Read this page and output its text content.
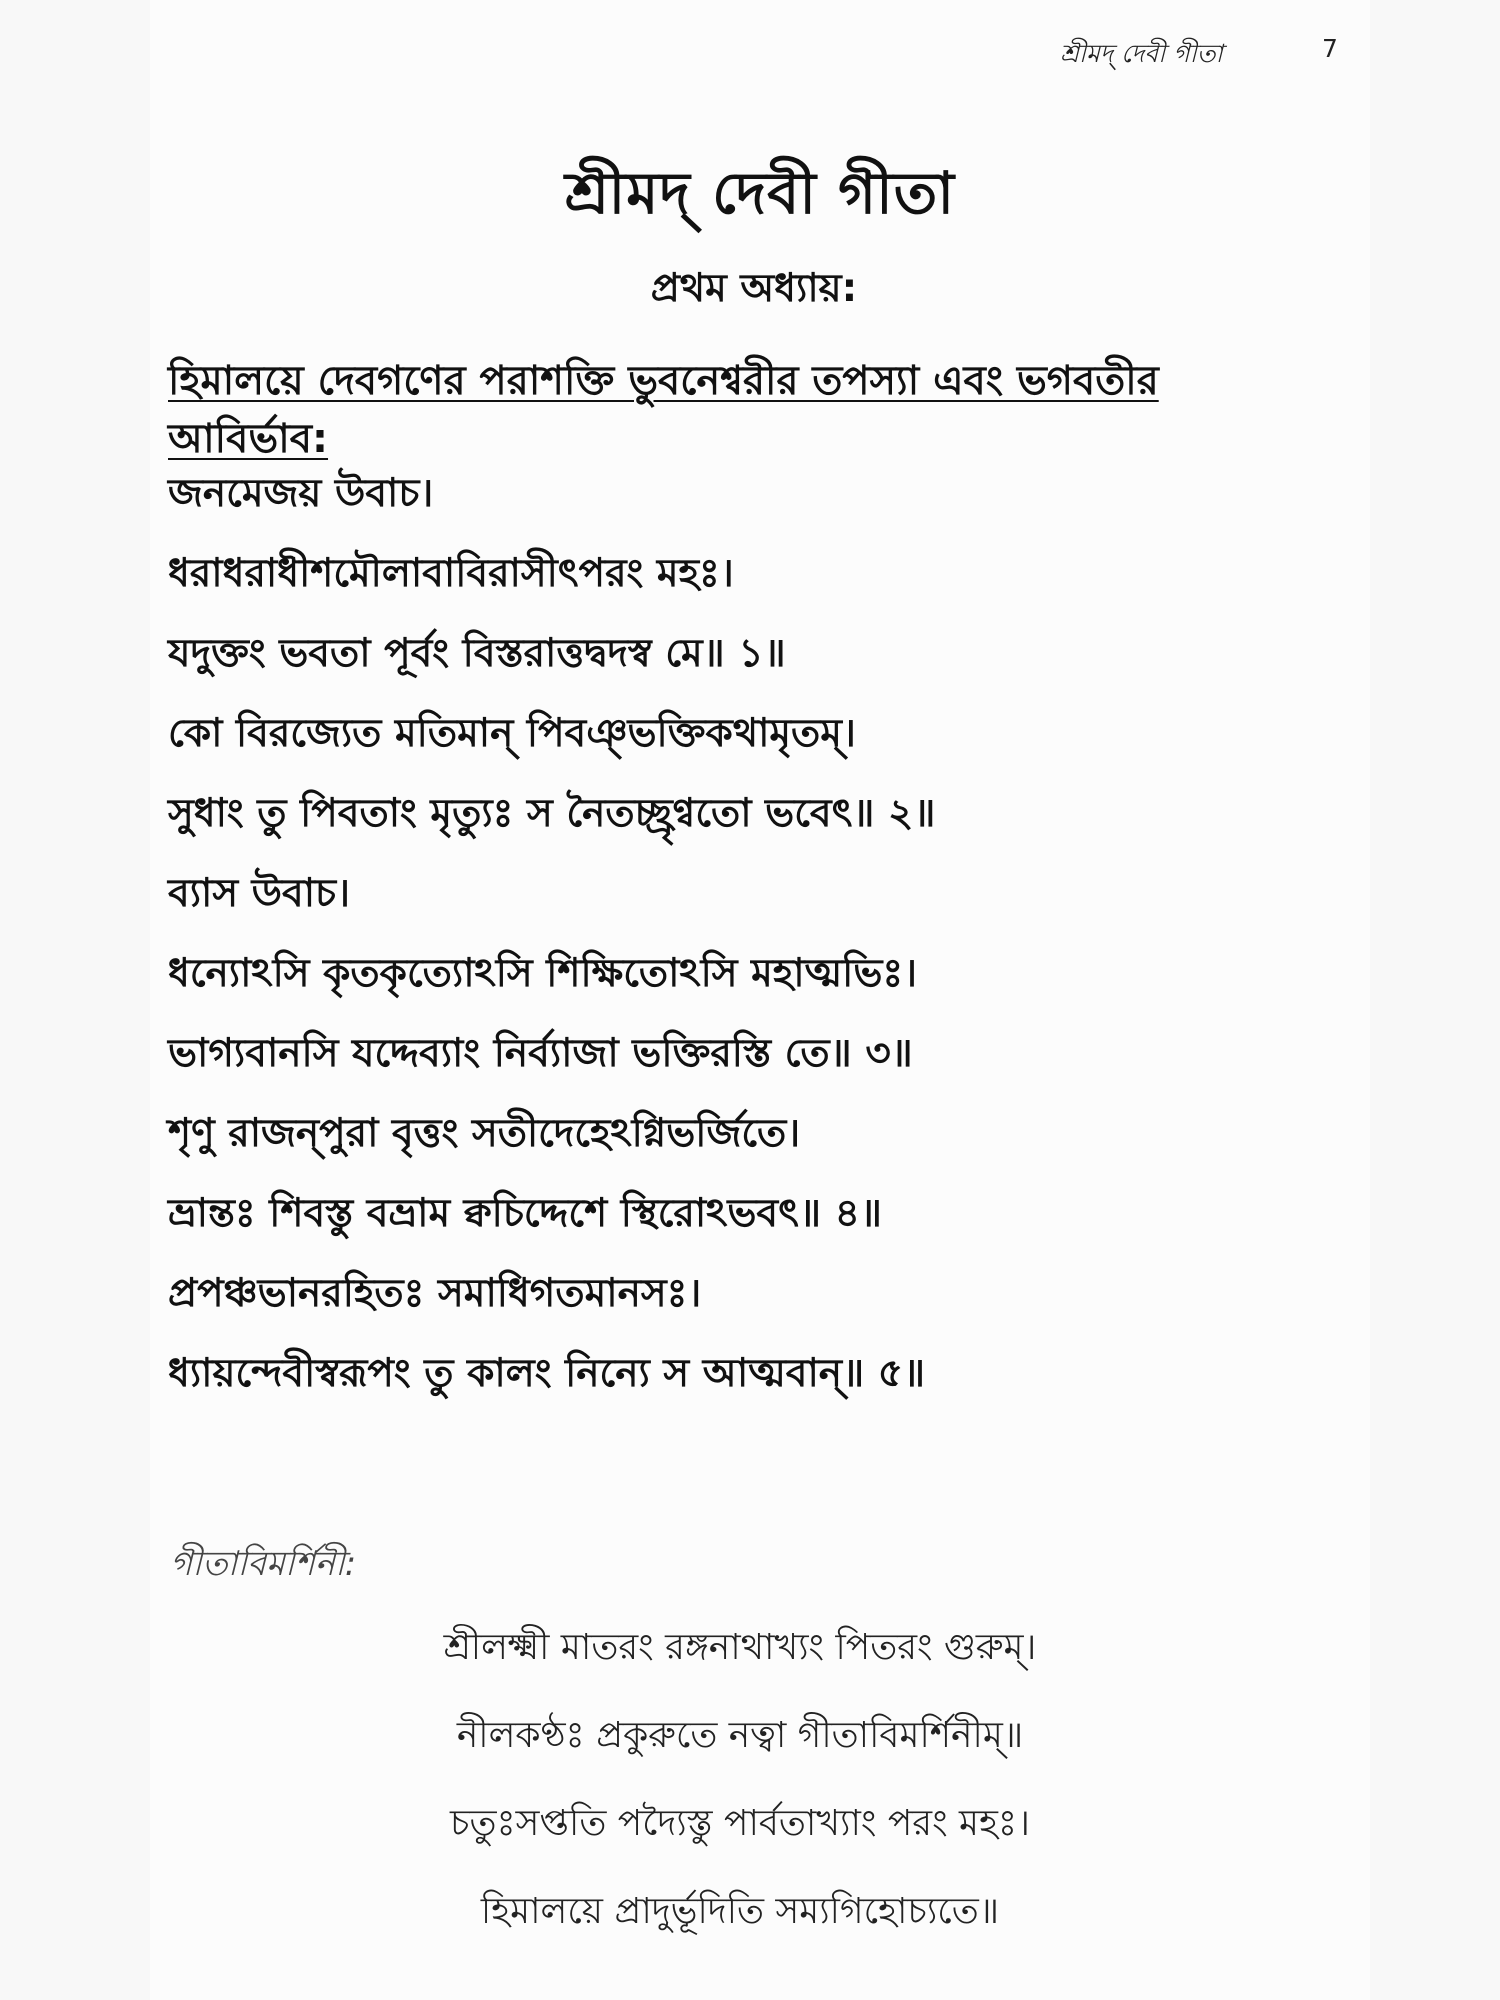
শ্রীমদ্ দেবী গীতা	7
শ্রীমদ্ দেবী গীতা
প্রথম অধ্যায়:
হিমালয়ে দেবগণের পরাশক্তি ভুবনেশ্বরীর তপস্যা এবং ভগবতীর আবির্ভাব:
জনমেজয় উবাচ।
ধরাধরাধীশমৌলাবাবিরাসীৎপরং মহঃ।
যদুক্তং ভবতা পূর্বং বিস্তরাত্তদ্বদস্ব মে॥ ১॥
কো বিরজ্যেত মতিমান্ পিবঞ্ভক্তিকথামৃতম্।
সুধাং তু পিবতাং মৃত্যুঃ স নৈতচ্ছ্রৃণ্বতো ভবেৎ॥ ২॥
ব্যাস উবাচ।
ধন্যোঽসি কৃতকৃত্যোঽসি শিক্ষিতোঽসি মহাত্মভিঃ।
ভাগ্যবানসি যদ্দেব্যাং নির্ব্যাজা ভক্তিরস্তি তে॥ ৩॥
শৃণু রাজন্পুরা বৃত্তং সতীদেহেঽগ্নিভর্জিতে।
ভ্রান্তঃ শিবস্তু বভ্রাম ক্বচিদ্দেশে স্থিরোঽভবৎ॥ ৪॥
প্রপঞ্চভানরহিতঃ সমাধিগতমানসঃ।
ধ্যায়ন্দেবীস্বরূপং তু কালং নিন্যে স আত্মবান্॥ ৫॥
গীতাবিমর্শিনী:
শ্রীলক্ষ্মী মাতরং রঙ্গনাথাখ্যং পিতরং গুরুম্।
নীলকণ্ঠঃ প্রকুরুতে নত্বা গীতাবিমর্শিনীম্॥
চতুঃসপ্ততি পদ্যৈস্তু পার্বতাখ্যাং পরং মহঃ।
হিমালয়ে প্রাদুর্ভূদিতি সম্যগিহোচ্যতে॥
